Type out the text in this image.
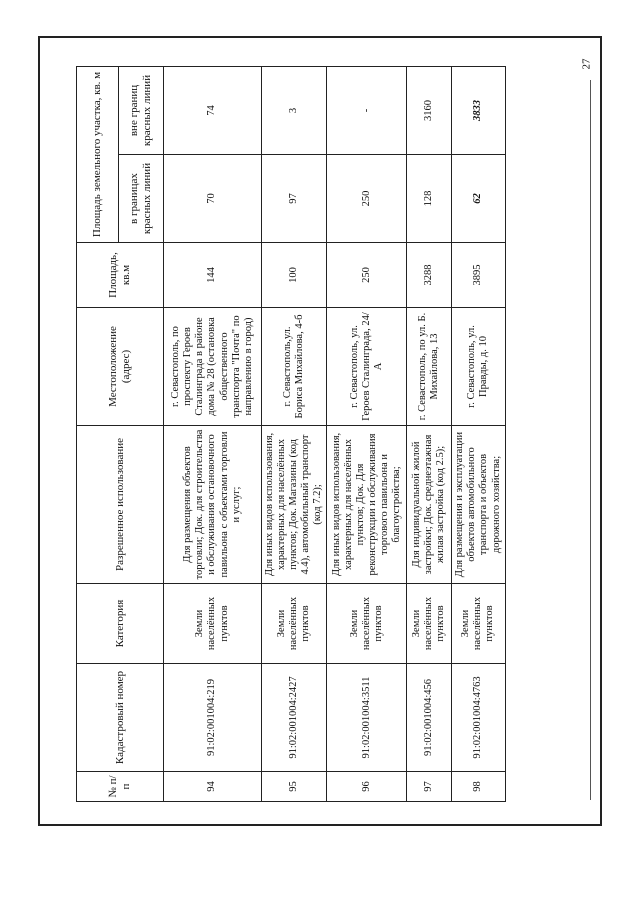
27
№ п/п	Кадастровый номер	Категория	Разрешенное использование	Местоположение (адрес)	Площадь, кв.м	Площадь земельного участка, кв. м	
						в границах красных линий	вне границ красных линий
94	91:02:001004:219	Земли населённых пунктов	Для размещения объектов торговли; Док. для строительства и обслуживания остановочного павильона с объектами торговли и услуг;	г. Севастополь, по проспекту Героев Сталинграда в районе дома № 28 (остановка общественного транспорта "Почта" по направлению в город)	144	70	74
95	91:02:001004:2427	Земли населённых пунктов	Для иных видов использования, характерных для населённых пунктов; Док. Магазины (код 4.4), автомобильный транспорт (код 7.2);	г. Севастополь,ул. Бориса Михайлова, 4-б	100	97	3
96	91:02:001004:3511	Земли населённых пунктов	Для иных видов использования, характерных для населённых пунктов; Док. Для реконструкции и обслуживания торгового павильона и благоустройства;	г. Севастополь, ул. Героев Сталинграда, 24/А	250	250	-
97	91:02:001004:456	Земли населённых пунктов	Для индивидуальной жилой застройки; Док. среднеэтажная жилая застройка (код 2.5);	г. Севастополь, по ул. Б. Михайлова, 13	3288	128	3160
98	91:02:001004:4763	Земли населённых пунктов	Для размещения и эксплуатации объектов автомобильного транспорта и объектов дорожного хозяйства;	г. Севастополь, ул. Правды, д. 10	3895	62	3833
